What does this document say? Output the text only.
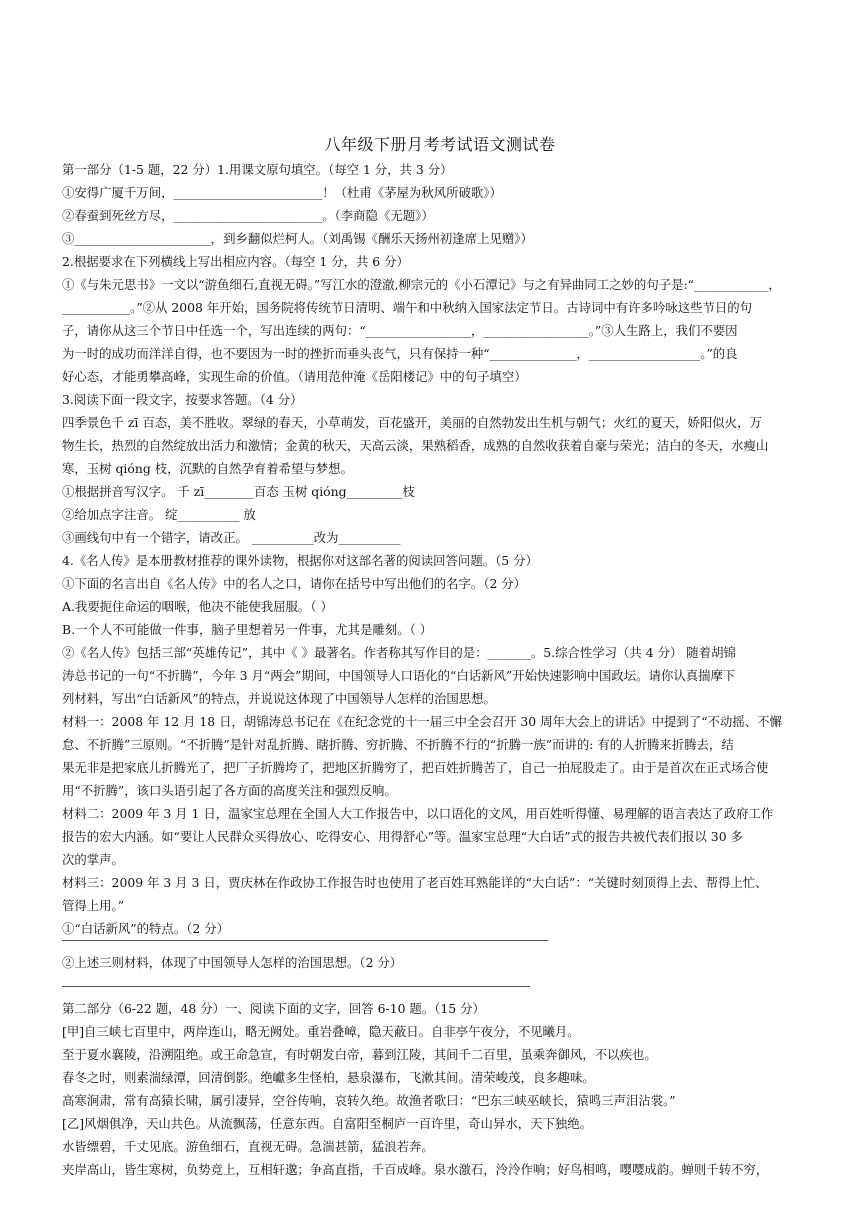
八年级下册月考考试语文测试卷
第一部分（1-5 题，22 分）1.用课文原句填空。（每空 1 分，共 3 分）
①安得广厦千万间，________________________！（杜甫《茅屋为秋风所破歌》）
②春蚕到死丝方尽，________________________。（李商隐《无题》）
③______________________，到乡翻似烂柯人。（刘禹锡《酬乐天扬州初逢席上见赠》）
2.根据要求在下列横线上写出相应内容。（每空 1 分，共 6 分）
①《与朱元思书》一文以“游鱼细石,直视无碍。”写江水的澄澈,柳宗元的《小石潭记》与之有异曲同工之妙的句子是:“____________，
___________。”②从 2008 年开始，国务院将传统节日清明、端午和中秋纳入国家法定节日。古诗词中有许多吟咏这些节日的句
子，请你从这三个节日中任选一个，写出连续的两句：“_________________，_________________。”③人生路上，我们不要因
为一时的成功而洋洋自得，也不要因为一时的挫折而垂头丧气，只有保持一种“______________，__________________。”的良
好心态，才能勇攀高峰，实现生命的价值。（请用范仲淹《岳阳楼记》中的句子填空）
3.阅读下面一段文字，按要求答题。（4 分）
四季景色千 zī 百态，美不胜收。翠绿的春天，小草萌发，百花盛开，美丽的自然勃发出生机与朝气；火红的夏天，娇阳似火，万
物生长，热烈的自然绽放出活力和激情；金黄的秋天，天高云淡，果熟稻香，成熟的自然收获着自豪与荣光；洁白的冬天，水瘦山
寒，玉树 qióng 枝，沉默的自然孕育着希望与梦想。
①根据拼音写汉字。 千 zī________百态 玉树 qióng_________枝
②给加点字注音。 绽__________ 放
③画线句中有一个错字，请改正。 __________改为__________
4.《名人传》是本册教材推荐的课外读物，根据你对这部名著的阅读回答问题。（5 分）
①下面的名言出自《名人传》中的名人之口，请你在括号中写出他们的名字。（2 分）
A.我要扼住命运的咽喉，他决不能使我屈服。（ ）
B.一个人不可能做一件事，脑子里想着另一件事，尤其是雕刻。（ ）
②《名人传》包括三部“英雄传记”，其中《 》最著名。作者称其写作目的是：_______。5.综合性学习（共 4 分） 随着胡锦
涛总书记的一句“不折腾”，今年 3 月“两会”期间，中国领导人口语化的“白话新风”开始快速影响中国政坛。请你认真揣摩下
列材料，写出“白话新风”的特点，并说说这体现了中国领导人怎样的治国思想。
材料一：2008 年 12 月 18 日，胡锦涛总书记在《在纪念党的十一届三中全会召开 30 周年大会上的讲话》中提到了“不动摇、不懈
怠、不折腾”三原则。“不折腾”是针对乱折腾、瞎折腾、穷折腾、不折腾不行的“折腾一族”而讲的: 有的人折腾来折腾去，结
果无非是把家底儿折腾光了，把厂子折腾垮了，把地区折腾穷了，把百姓折腾苦了，自己一拍屁股走了。由于是首次在正式场合使
用“不折腾”，该口头语引起了各方面的高度关注和强烈反响。
材料二：2009 年 3 月 1 日，温家宝总理在全国人大工作报告中，以口语化的文风，用百姓听得懂、易理解的语言表达了政府工作
报告的宏大内涵。如“要让人民群众买得放心、吃得安心、用得舒心”等。温家宝总理“大白话”式的报告共被代表们报以 30 多
次的掌声。
材料三：2009 年 3 月 3 日，贾庆林在作政协工作报告时也使用了老百姓耳熟能详的“大白话”：“关键时刻顶得上去、帮得上忙、
管得上用。”
①“白话新风”的特点。（2 分）
②上述三则材料，体现了中国领导人怎样的治国思想。（2 分）
第二部分（6-22 题，48 分）一、阅读下面的文字，回答 6-10 题。（15 分）
[甲]自三峡七百里中，两岸连山，略无阙处。重岩叠嶂，隐天蔽日。自非亭午夜分，不见曦月。
至于夏水襄陵，沿溯阻绝。或王命急宣，有时朝发白帝，暮到江陵，其间千二百里，虽乘奔御风，不以疾也。
春冬之时，则素湍绿潭，回清倒影。绝巘多生怪柏，悬泉瀑布，飞漱其间。清荣峻茂，良多趣味。
高寒涧肃，常有高猿长啸，属引凄异，空谷传响，哀转久绝。故渔者歌曰：“巴东三峡巫峡长，猿鸣三声泪沾裳。”
[乙]风烟俱净，天山共色。从流飘荡，任意东西。自富阳至桐庐一百许里，奇山异水，天下独绝。
水皆缥碧，千丈见底。游鱼细石，直视无碍。急湍甚箭，猛浪若奔。
夹岸高山，皆生寒树，负势竞上，互相轩邈；争高直指，千百成峰。泉水激石，泠泠作响；好鸟相鸣，嘤嘤成韵。蝉则千转不穷，
